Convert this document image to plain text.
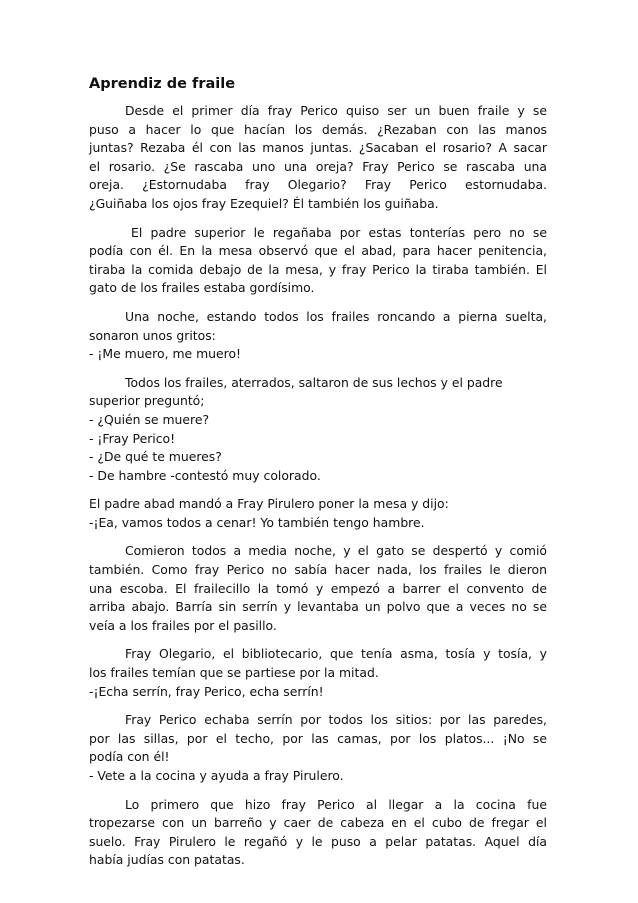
Aprendiz de fraile
Desde el primer día fray Perico quiso ser un buen fraile y se
puso a hacer lo que hacían los demás. ¿Rezaban con las manos
juntas? Rezaba él con las manos juntas. ¿Sacaban el rosario? A sacar
el rosario. ¿Se rascaba uno una oreja? Fray Perico se rascaba una
oreja. ¿Estornudaba fray Olegario? Fray Perico estornudaba.
¿Guiñaba los ojos fray Ezequiel? Él también los guiñaba.
El padre superior le regañaba por estas tonterías pero no se
podía con él. En la mesa observó que el abad, para hacer penitencia,
tiraba la comida debajo de la mesa, y fray Perico la tiraba también. El
gato de los frailes estaba gordísimo.
Una noche, estando todos los frailes roncando a pierna suelta,
sonaron unos gritos:
- ¡Me muero, me muero!
Todos los frailes, aterrados, saltaron de sus lechos y el padre
superior preguntó;
- ¿Quién se muere?
- ¡Fray Perico!
- ¿De qué te mueres?
- De hambre -contestó muy colorado.
El padre abad mandó a Fray Pirulero poner la mesa y dijo:
-¡Ea, vamos todos a cenar! Yo también tengo hambre.
Comieron todos a media noche, y el gato se despertó y comió
también. Como fray Perico no sabía hacer nada, los frailes le dieron
una escoba. El frailecillo la tomó y empezó a barrer el convento de
arriba abajo. Barría sin serrín y levantaba un polvo que a veces no se
veía a los frailes por el pasillo.
Fray Olegario, el bibliotecario, que tenía asma, tosía y tosía, y
los frailes temían que se partiese por la mitad.
-¡Echa serrín, fray Perico, echa serrín!
Fray Perico echaba serrín por todos los sitios: por las paredes,
por las sillas, por el techo, por las camas, por los platos... ¡No se
podía con él!
- Vete a la cocina y ayuda a fray Pirulero.
Lo primero que hizo fray Perico al llegar a la cocina fue
tropezarse con un barreño y caer de cabeza en el cubo de fregar el
suelo. Fray Pirulero le regañó y le puso a pelar patatas. Aquel día
había judías con patatas.
